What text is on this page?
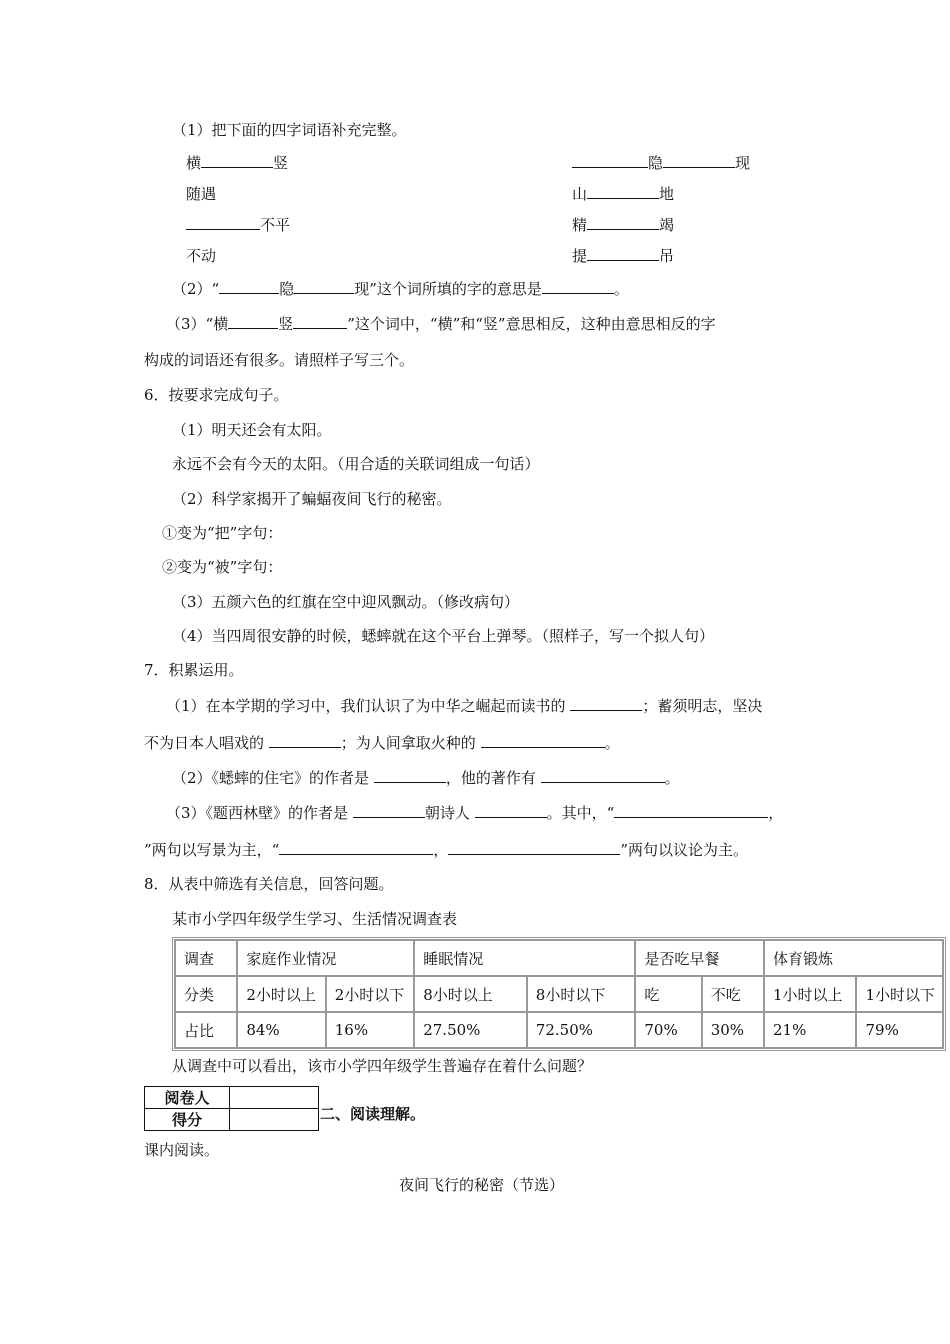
（1）把下面的四字词语补充完整。
横	竖	隐	现
随遇	山	地
不平	精	竭
不动	提	吊
（2）“	隐	现”这个词所填的字的意思是	。
（3）“横	竖	”这个词中，“横”和“竖”意思相反，这种由意思相反的字
构成的词语还有很多。请照样子写三个。
6．按要求完成句子。
（1）明天还会有太阳。
永远不会有今天的太阳。（用合适的关联词组成一句话）
（2）科学家揭开了蝙蝠夜间飞行的秘密。
①变为“把”字句：
②变为“被”字句：
（3）五颜六色的红旗在空中迎风飘动。（修改病句）
（4）当四周很安静的时候，蟋蟀就在这个平台上弹琴。（照样子，写一个拟人句）
7．积累运用。
（1）在本学期的学习中，我们认识了为中华之崛起而读书的	；蓄须明志，坚决
不为日本人唱戏的	；为人间拿取火种的	。
（2）《蟋蟀的住宅》的作者是	，他的著作有	。
（3）《题西林壁》的作者是	朝诗人	。其中，“	，
”两句以写景为主，“	，	”两句以议论为主。
8．从表中筛选有关信息，回答问题。
某市小学四年级学生学习、生活情况调查表
调查	家庭作业情况		睡眠情况		是否吃早餐		体育锻炼	
分类	2小时以上	2小时以下	8小时以上	8小时以下	吃	不吃	1小时以上	1小时以下
占比	84%	16%	27.50%	72.50%	70%	30%	21%	79%
从调查中可以看出，该市小学四年级学生普遍存在着什么问题？
阅卷人	
得分		二、阅读理解。
课内阅读。
夜间飞行的秘密（节选）
